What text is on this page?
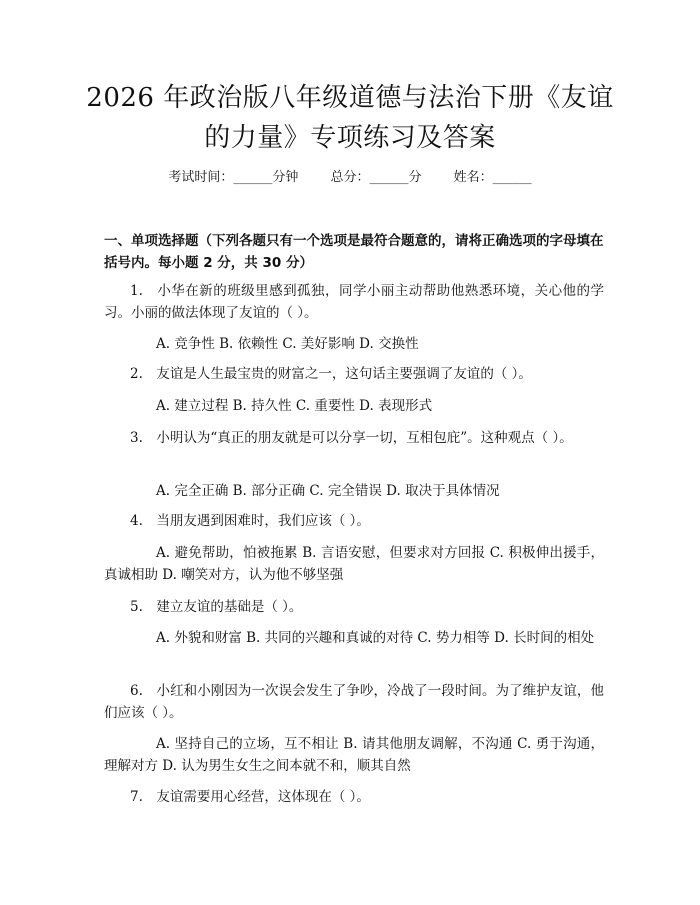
2026 年政治版八年级道德与法治下册《友谊
的力量》专项练习及答案
考试时间：______分钟 总分：______分 姓名：______
一、单项选择题（下列各题只有一个选项是最符合题意的，请将正确选项的字母填在括号内。每小题 2 分，共 30 分）
1.　小华在新的班级里感到孤独，同学小丽主动帮助他熟悉环境，关心他的学习。小丽的做法体现了友谊的（ ）。
A. 竞争性 B. 依赖性 C. 美好影响 D. 交换性
2.　友谊是人生最宝贵的财富之一，这句话主要强调了友谊的（ ）。
A. 建立过程 B. 持久性 C. 重要性 D. 表现形式
3.　小明认为“真正的朋友就是可以分享一切，互相包庇”。这种观点（ ）。
A. 完全正确 B. 部分正确 C. 完全错误 D. 取决于具体情况
4.　当朋友遇到困难时，我们应该（ ）。
A. 避免帮助，怕被拖累 B. 言语安慰，但要求对方回报 C. 积极伸出援手，真诚相助 D. 嘲笑对方，认为他不够坚强
5.　建立友谊的基础是（ ）。
A. 外貌和财富 B. 共同的兴趣和真诚的对待 C. 势力相等 D. 长时间的相处
6.　小红和小刚因为一次误会发生了争吵，冷战了一段时间。为了维护友谊，他们应该（ ）。
A. 坚持自己的立场，互不相让 B. 请其他朋友调解，不沟通 C. 勇于沟通，理解对方 D. 认为男生女生之间本就不和，顺其自然
7.　友谊需要用心经营，这体现在（ ）。
